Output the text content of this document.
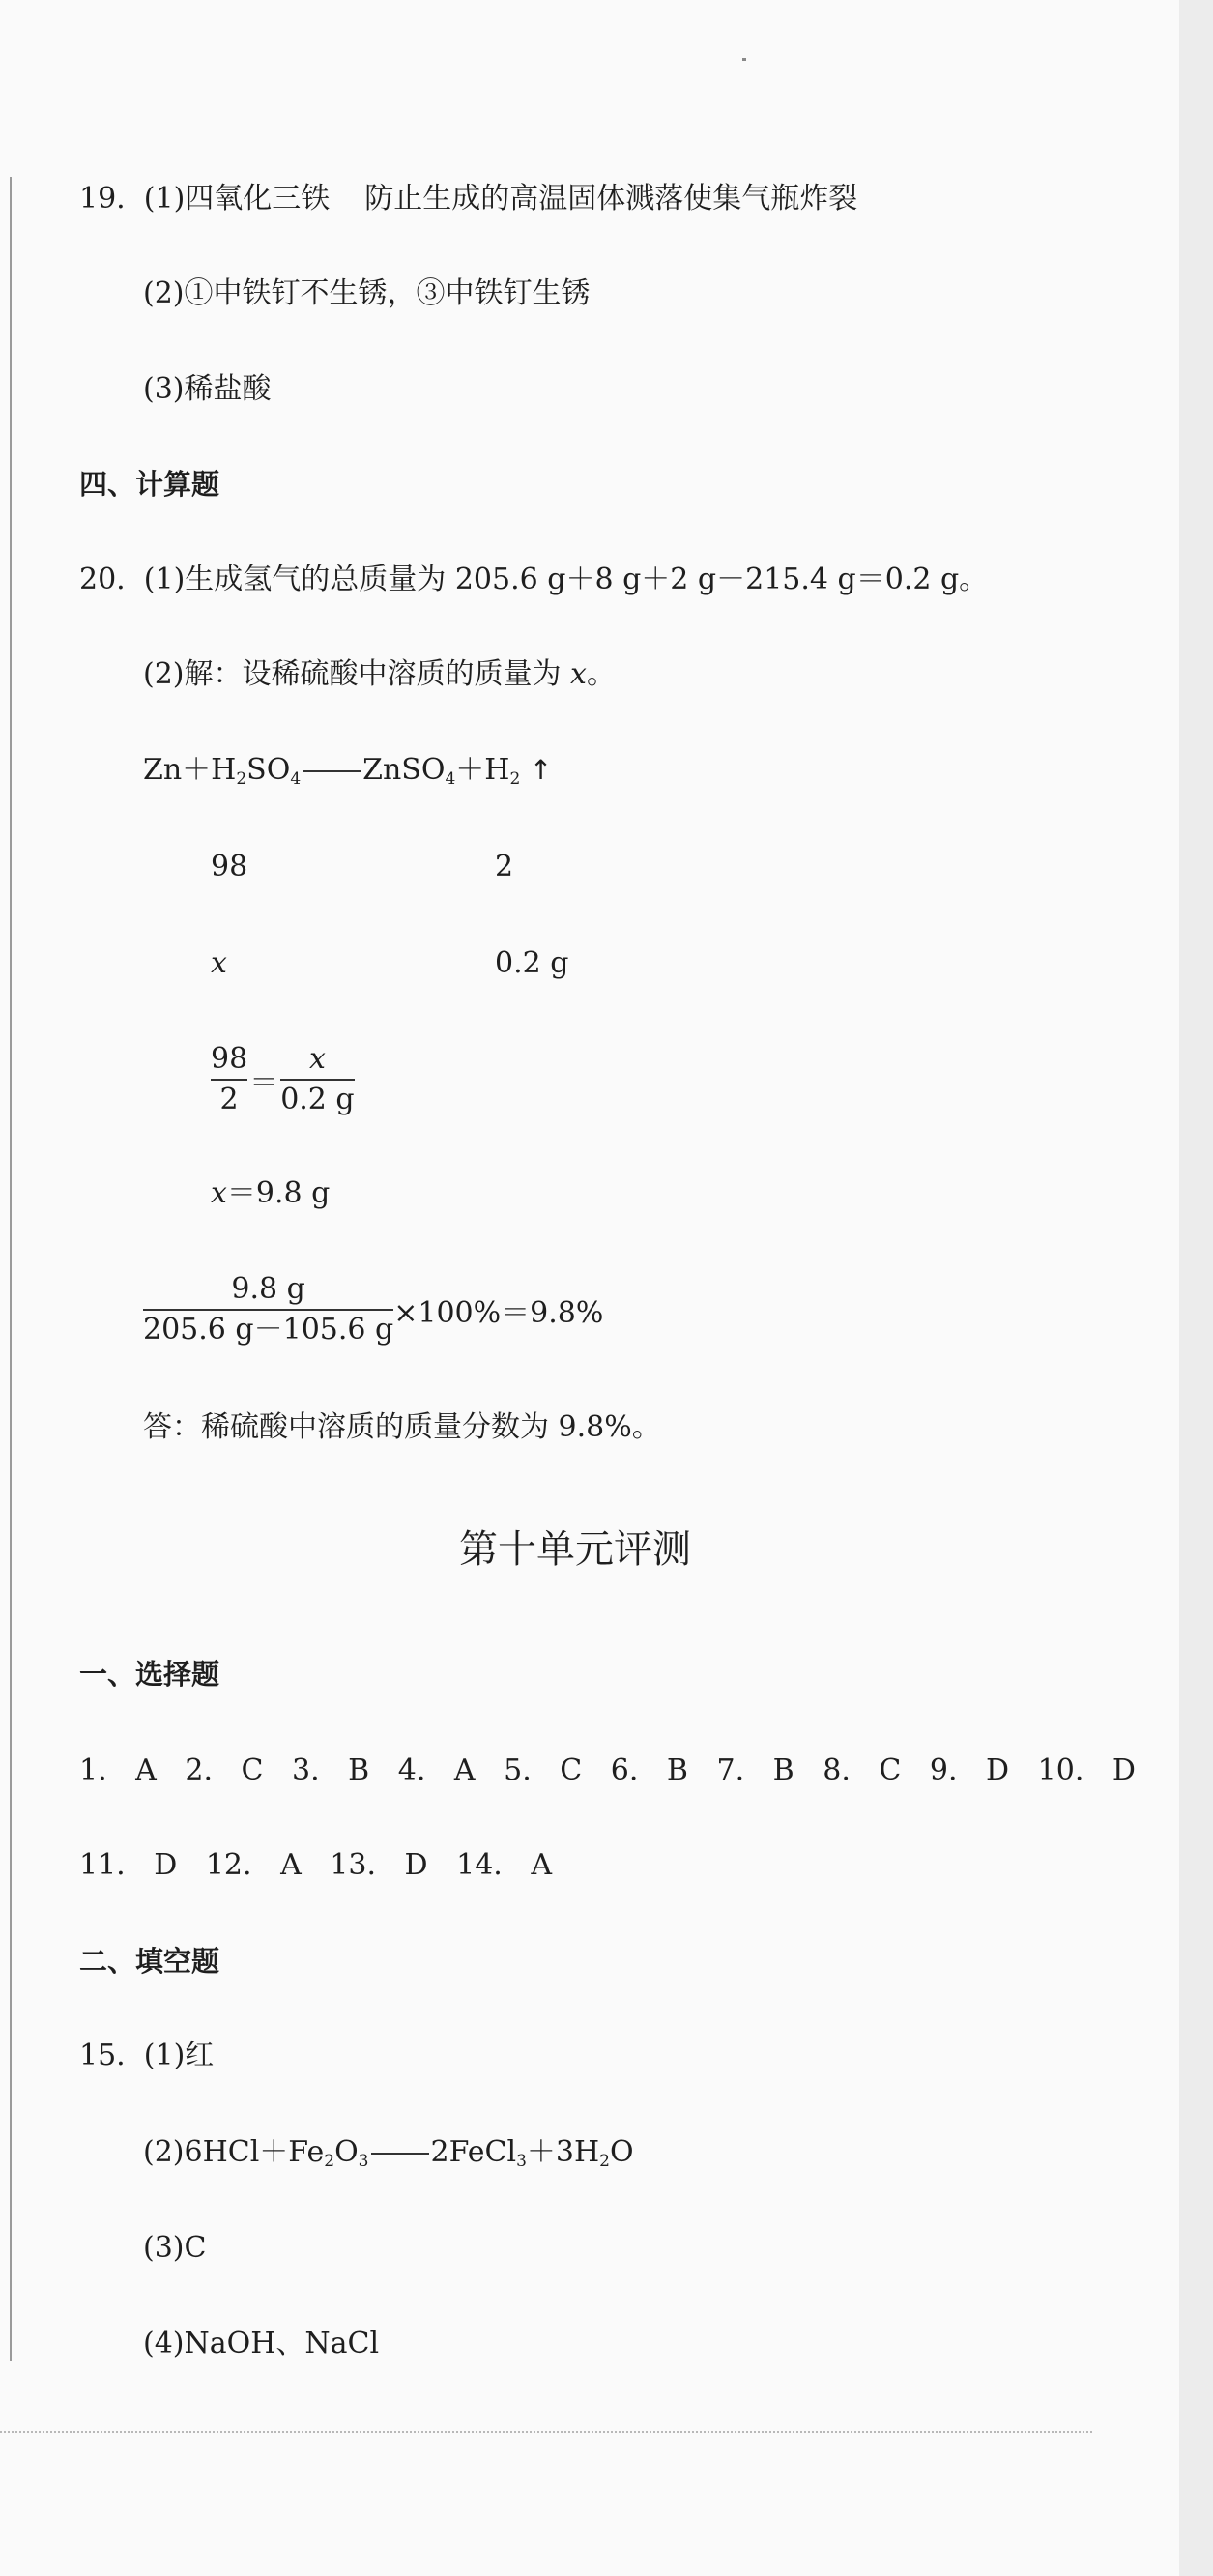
19. (1)四氧化三铁 防止生成的高温固体溅落使集气瓶炸裂
(2)①中铁钉不生锈，③中铁钉生锈
(3)稀盐酸
四、计算题
20. (1)生成氢气的总质量为 205.6 g＋8 g＋2 g－215.4 g＝0.2 g。
(2)解：设稀硫酸中溶质的质量为 x。
$Zn+H_2SO_4$ $ZnSO_4+H_2$ ↑
98	2
x	0.2 g
$\frac{98}{2} = \frac{x}{0.2 g}$
x＝9.8 g
$\frac{9.8 g}{205.6 g-105.6 g} \times 100\%=9.8\%$
答：稀硫酸中溶质的质量分数为 9.8%。
第十单元评测
一、选择题
1. A 2. C 3. B 4. A 5. C 6. B 7. B 8. C 9. D 10. D
11. D 12. A 13. D 14. A
二、填空题
15. (1)红
$(2)6HCl+Fe_2O_3$ $2FeCl_3+3H_2O$
(3)C
(4)NaOH、NaCl
